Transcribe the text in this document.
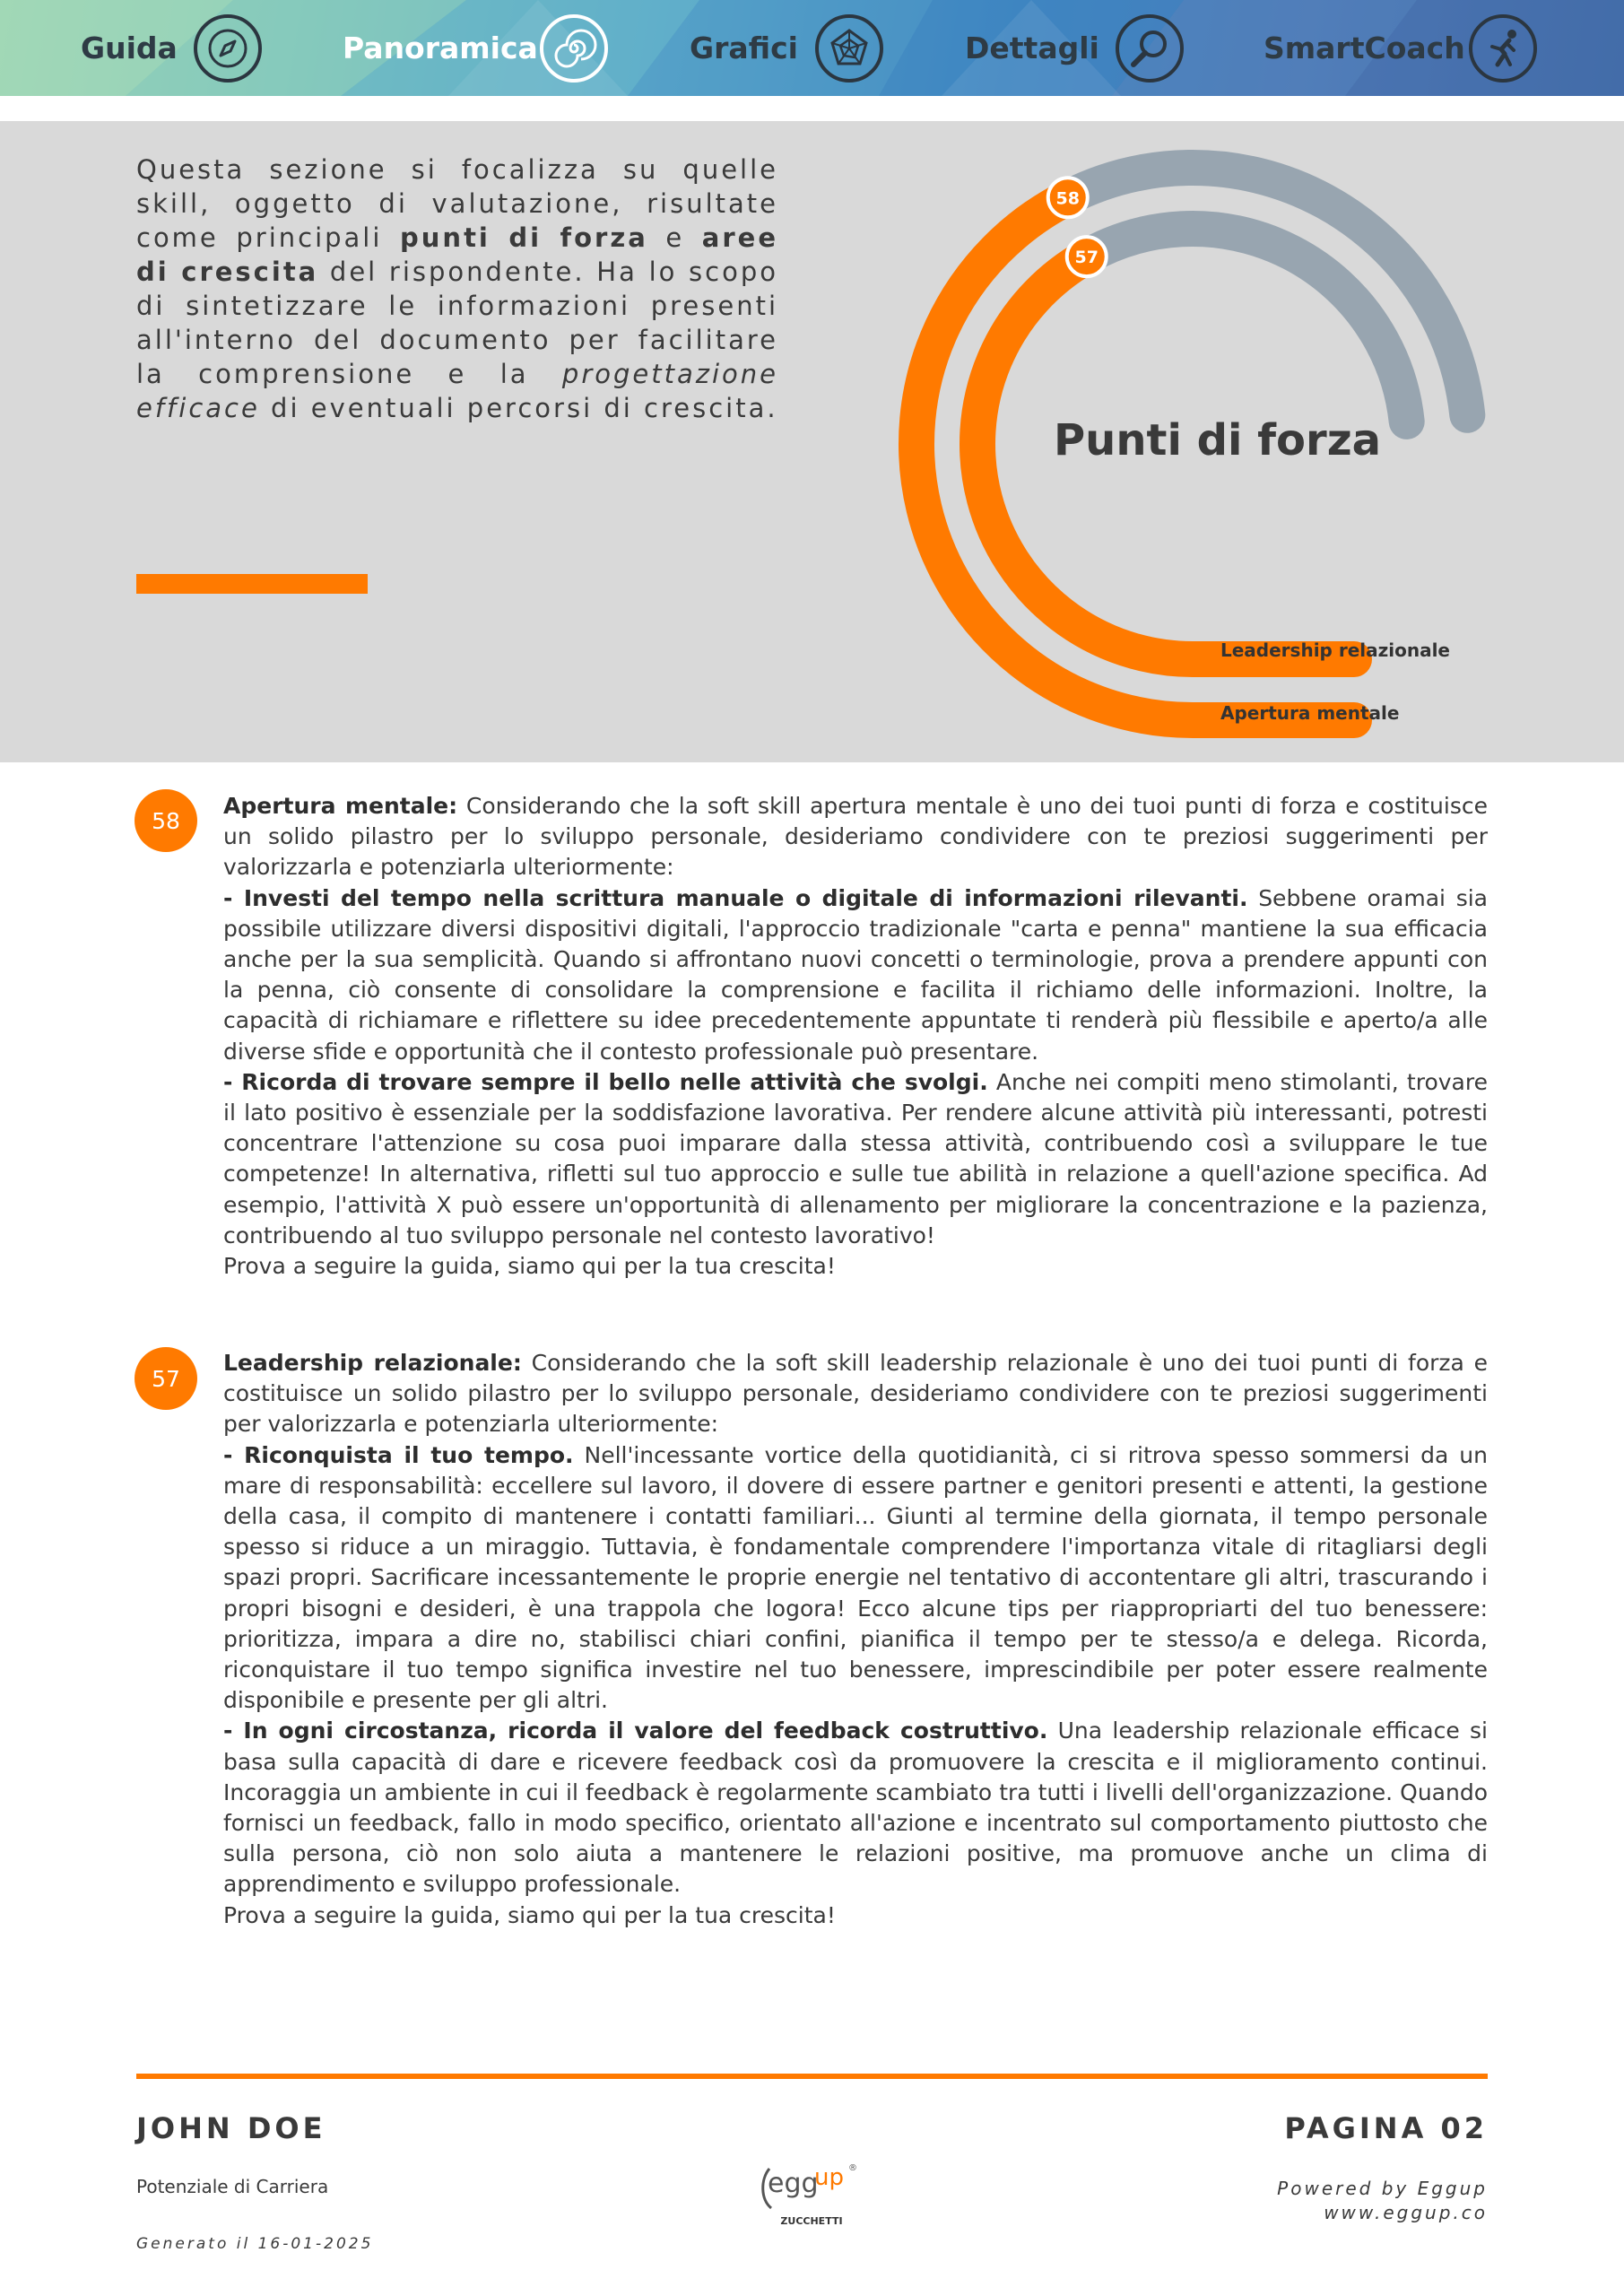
Guida	Panoramica	Grafici	Dettagli	SmartCoach
Questa sezione si focalizza su quelle skill, oggetto di valutazione, risultate come principali punti di forza e aree di crescita del rispondente. Ha lo scopo di sintetizzare le informazioni presenti all'interno del documento per facilitare la comprensione e la progettazione efficace di eventuali percorsi di crescita.
58
57
Punti di forza
Leadership relazionale
Apertura mentale
58

Apertura mentale: Considerando che la soft skill apertura mentale è uno dei tuoi punti di forza e costituisce un solido pilastro per lo sviluppo personale, desideriamo condividere con te preziosi suggerimenti per valorizzarla e potenziarla ulteriormente:

- Investi del tempo nella scrittura manuale o digitale di informazioni rilevanti. Sebbene oramai sia possibile utilizzare diversi dispositivi digitali, l'approccio tradizionale "carta e penna" mantiene la sua efficacia anche per la sua semplicità. Quando si affrontano nuovi concetti o terminologie, prova a prendere appunti con la penna, ciò consente di consolidare la comprensione e facilita il richiamo delle informazioni. Inoltre, la capacità di richiamare e riflettere su idee precedentemente appuntate ti renderà più flessibile e aperto/a alle diverse sfide e opportunità che il contesto professionale può presentare.

- Ricorda di trovare sempre il bello nelle attività che svolgi. Anche nei compiti meno stimolanti, trovare il lato positivo è essenziale per la soddisfazione lavorativa. Per rendere alcune attività più interessanti, potresti concentrare l'attenzione su cosa puoi imparare dalla stessa attività, contribuendo così a sviluppare le tue competenze! In alternativa, rifletti sul tuo approccio e sulle tue abilità in relazione a quell'azione specifica. Ad esempio, l'attività X può essere un'opportunità di allenamento per migliorare la concentrazione e la pazienza, contribuendo al tuo sviluppo personale nel contesto lavorativo!

Prova a seguire la guida, siamo qui per la tua crescita!

57

Leadership relazionale: Considerando che la soft skill leadership relazionale è uno dei tuoi punti di forza e costituisce un solido pilastro per lo sviluppo personale, desideriamo condividere con te preziosi suggerimenti per valorizzarla e potenziarla ulteriormente:

- Riconquista il tuo tempo. Nell'incessante vortice della quotidianità, ci si ritrova spesso sommersi da un mare di responsabilità: eccellere sul lavoro, il dovere di essere partner e genitori presenti e attenti, la gestione della casa, il compito di mantenere i contatti familiari... Giunti al termine della giornata, il tempo personale spesso si riduce a un miraggio. Tuttavia, è fondamentale comprendere l'importanza vitale di ritagliarsi degli spazi propri. Sacrificare incessantemente le proprie energie nel tentativo di accontentare gli altri, trascurando i propri bisogni e desideri, è una trappola che logora! Ecco alcune tips per riappropriarti del tuo benessere: prioritizza, impara a dire no, stabilisci chiari confini, pianifica il tempo per te stesso/a e delega. Ricorda, riconquistare il tuo tempo significa investire nel tuo benessere, imprescindibile per poter essere realmente disponibile e presente per gli altri.

- In ogni circostanza, ricorda il valore del feedback costruttivo. Una leadership relazionale efficace si basa sulla capacità di dare e ricevere feedback così da promuovere la crescita e il miglioramento continui. Incoraggia un ambiente in cui il feedback è regolarmente scambiato tra tutti i livelli dell'organizzazione. Quando fornisci un feedback, fallo in modo specifico, orientato all'azione e incentrato sul comportamento piuttosto che sulla persona, ciò non solo aiuta a mantenere le relazioni positive, ma promuove anche un clima di apprendimento e sviluppo professionale.

Prova a seguire la guida, siamo qui per la tua crescita!

JOHN DOE
Potenziale di Carriera
Generato il 16-01-2025
PAGINA 02
Powered by Eggup
www.eggup.co
egg
up ®
ZUCCHETTI
